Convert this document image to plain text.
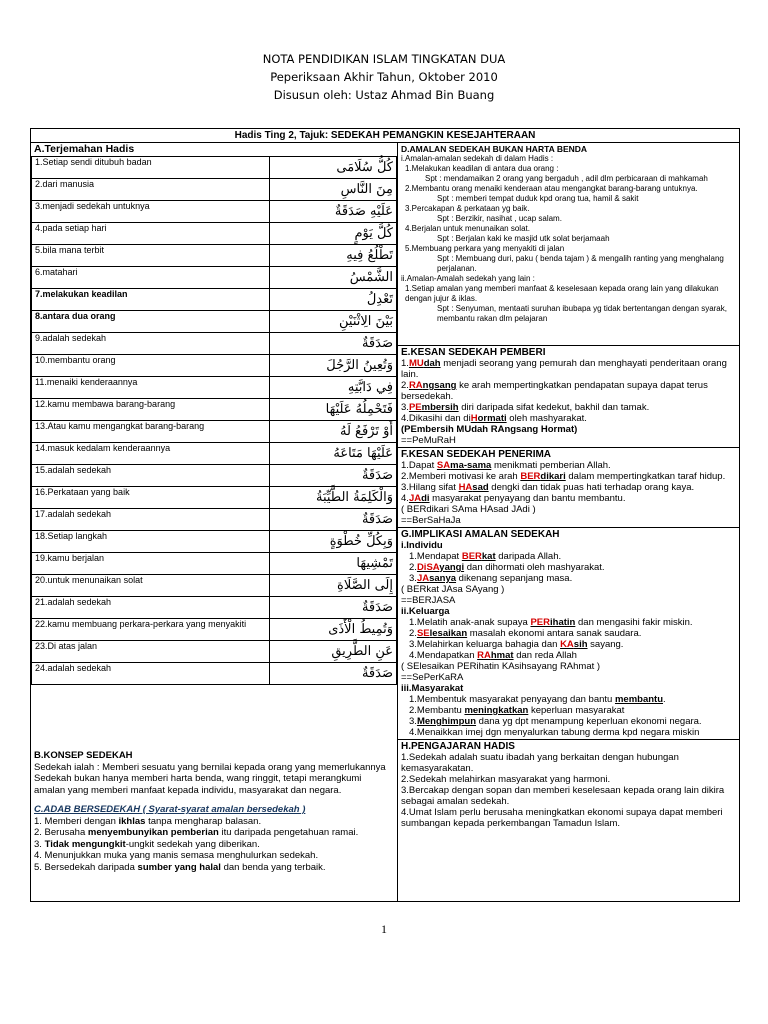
NOTA PENDIDIKAN ISLAM TINGKATAN DUA
Peperiksaan Akhir Tahun, Oktober 2010
Disusun oleh: Ustaz Ahmad Bin Buang
Hadis Ting 2, Tajuk: SEDEKAH PEMANGKIN KESEJAHTERAAN
A.Terjemahan Hadis
1.Setiap sendi ditubuh badan	كُلُّ سُلَامَى
2.dari manusia	مِنَ النَّاسِ
3.menjadi sedekah untuknya	عَلَيْهِ صَدَقَةٌ
4.pada setiap hari	كُلَّ يَوْمٍ
5.bila mana terbit	تَطْلُعُ فِيهِ
6.matahari	الشَّمْسُ
7.melakukan keadilan	تَعْدِلُ
8.antara dua orang	بَيْنَ الِاثْنَيْنِ
9.adalah sedekah	صَدَقَةٌ
10.membantu orang	وَتُعِينُ الرَّجُلَ
11.menaiki kenderaannya	فِي دَابَّتِهِ
12.kamu membawa barang-barang	فَتَحْمِلُهُ عَلَيْهَا
13.Atau kamu mengangkat barang-barang	أَوْ تَرْفَعُ لَهُ
14.masuk kedalam kenderaannya	عَلَيْهَا مَتَاعَهُ
15.adalah sedekah	صَدَقَةٌ
16.Perkataan yang baik	وَالْكَلِمَةُ الطَّيِّبَةُ
17.adalah sedekah	صَدَقَةٌ
18.Setiap langkah	وَبِكُلِّ خُطْوَةٍ
19.kamu berjalan	تَمْشِيهَا
20.untuk menunaikan solat	إِلَى الصَّلَاةِ
21.adalah sedekah	صَدَقَةٌ
22.kamu membuang perkara-perkara yang menyakiti	وَتُمِيطُ الْأَذَى
23.Di atas jalan	عَنِ الطَّرِيقِ
24.adalah sedekah	صَدَقَةٌ
B.KONSEP SEDEKAH
Sedekah ialah : Memberi sesuatu yang bernilai kepada orang yang memerlukannya
Sedekah bukan hanya memberi harta benda, wang ringgit, tetapi merangkumi amalan yang memberi manfaat kepada individu, masyarakat dan negara.
C.ADAB BERSEDEKAH ( Syarat-syarat amalan bersedekah )
1. Memberi dengan ikhlas tanpa mengharap balasan.
2. Berusaha menyembunyikan pemberian itu daripada pengetahuan ramai.
3. Tidak mengungkit-ungkit sedekah yang diberikan.
4. Menunjukkan muka yang manis semasa menghulurkan sedekah.
5. Bersedekah daripada sumber yang halal dan benda yang terbaik.
D.AMALAN SEDEKAH BUKAN HARTA BENDA
i.Amalan-amalan sedekah di dalam Hadis :
1.Melakukan keadilan di antara dua orang :
Spt : mendamaikan 2 orang yang bergaduh , adil dlm perbicaraan di mahkamah
2.Membantu orang menaiki kenderaan atau mengangkat barang-barang untuknya.
Spt : memberi tempat duduk kpd orang tua, hamil & sakit
3.Percakapan & perkataan yg baik.
Spt : Berzikir, nasihat , ucap salam.
4.Berjalan untuk menunaikan solat.
Spt : Berjalan kaki ke masjid utk solat berjamaah
5.Membuang perkara yang menyakiti di jalan
Spt : Membuang duri, paku ( benda tajam ) & mengalih ranting yang menghalang perjalanan.
ii.Amalan-Amalah sedekah yang lain :
1.Setiap amalan yang memberi manfaat & keselesaan kepada orang lain yang dilakukan dengan jujur & iklas.
Spt : Senyuman, mentaati suruhan ibubapa yg tidak bertentangan dengan syarak, membantu rakan dlm pelajaran
E.KESAN SEDEKAH PEMBERI
1.MUdah menjadi seorang yang pemurah dan menghayati penderitaan orang lain.
2.RAngsang ke arah mempertingkatkan pendapatan supaya dapat terus bersedekah.
3.PEmbersih diri daripada sifat kedekut, bakhil dan tamak.
4.Dikasihi dan diHormati oleh mashyarakat.
(PEmbersih MUdah RAngsang Hormat)
==PeMuRaH
F.KESAN SEDEKAH PENERIMA
1.Dapat SAma-sama menikmati pemberian Allah.
2.Memberi motivasi ke arah BERdikari dalam mempertingkatkan taraf hidup.
3.Hilang sifat HAsad dengki dan tidak puas hati terhadap orang kaya.
4.JAdi masyarakat penyayang dan bantu membantu.
( BERdikari SAma HAsad JAdi )
==BerSaHaJa
G.IMPLIKASI AMALAN SEDEKAH
i.Individu
1.Mendapat BERkat daripada Allah.
2.DiSAyangi dan dihormati oleh mashyarakat.
3.JAsanya dikenang sepanjang masa.
( BERkat JAsa SAyang )
==BERJASA
ii.Keluarga
1.Melatih anak-anak supaya PERihatin dan mengasihi fakir miskin.
2.SElesaikan masalah ekonomi antara sanak saudara.
3.Melahirkan keluarga bahagia dan KAsih sayang.
4.Mendapatkan RAhmat dan reda Allah
( SElesaikan PERihatin KAsihsayang RAhmat )
==SePerKaRA
iii.Masyarakat
1.Membentuk masyarakat penyayang dan bantu membantu.
2.Membantu meningkatkan keperluan masyarakat
3.Menghimpun dana yg dpt menampung keperluan ekonomi negara.
4.Menaikkan imej dgn menyalurkan tabung derma kpd negara miskin
H.PENGAJARAN HADIS
1.Sedekah adalah suatu ibadah yang berkaitan dengan hubungan kemasyarakatan.
2.Sedekah melahirkan masyarakat yang harmoni.
3.Bercakap dengan sopan dan memberi keselesaan kepada orang lain dikira sebagai amalan sedekah.
4.Umat Islam perlu berusaha meningkatkan ekonomi supaya dapat memberi sumbangan kepada perkembangan Tamadun Islam.
1
